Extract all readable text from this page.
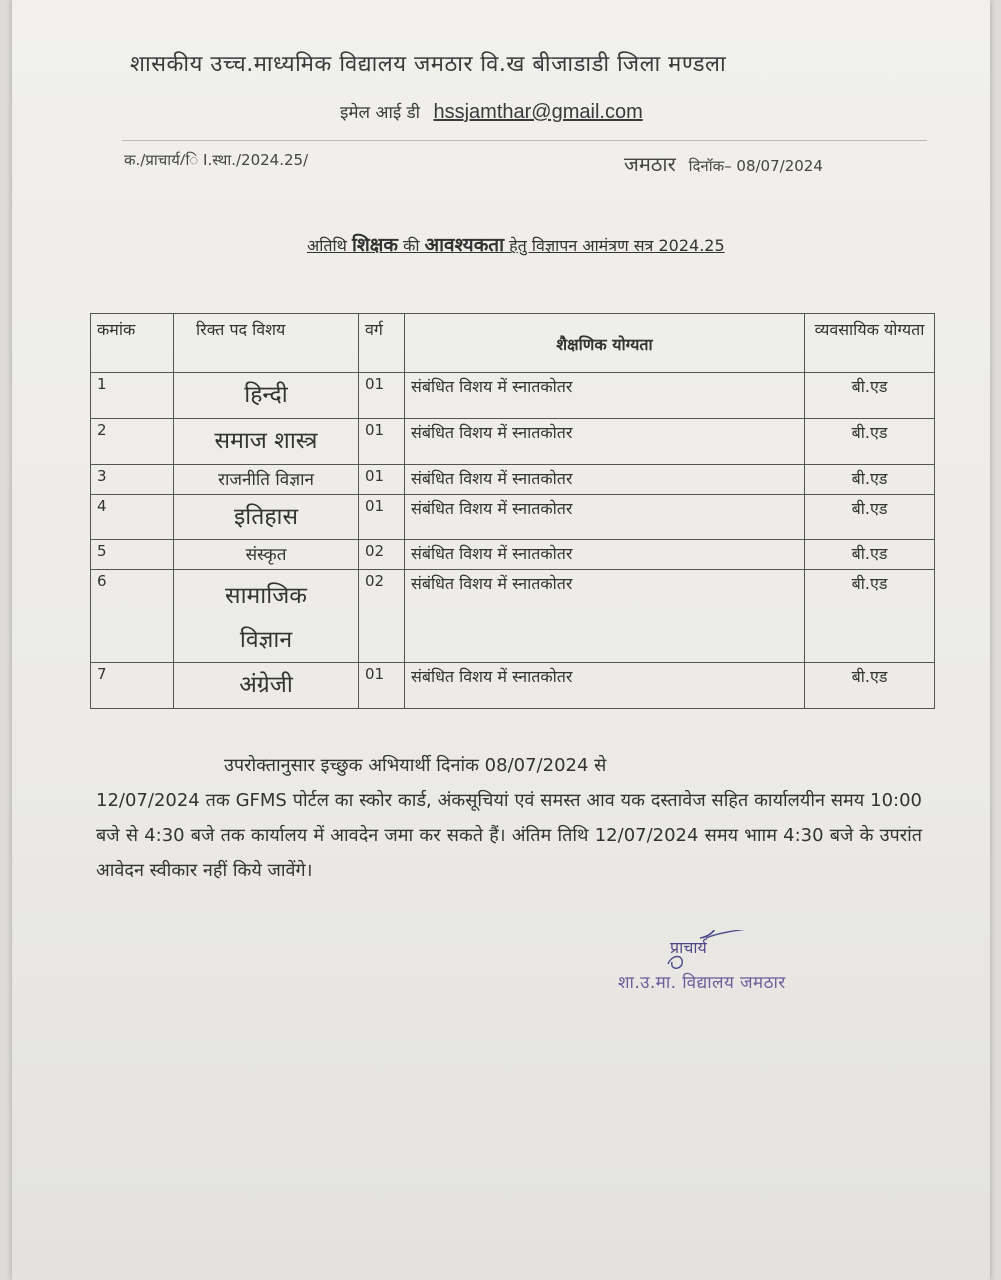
शासकीय उच्च.माध्यमिक विद्यालय जमठार वि.ख बीजाडाडी जिला मण्डला
इमेल आई डी hssjamthar@gmail.com
क./प्राचार्य/ि I.स्था./2024.25/	जमठार दिनॉक– 08/07/2024
अतिथि शिक्षक की आवश्यकता हेतु विज्ञापन आमंत्रण सत्र 2024.25
कमांक	रिक्त पद विशय	वर्ग	शैक्षणिक योग्यता	व्यवसायिक योग्यता
1	हिन्दी	01	संबंधित विशय में स्नातकोतर	बी.एड
2	समाज शास्त्र	01	संबंधित विशय में स्नातकोतर	बी.एड
3	राजनीति विज्ञान	01	संबंधित विशय में स्नातकोतर	बी.एड
4	इतिहास	01	संबंधित विशय में स्नातकोतर	बी.एड
5	संस्कृत	02	संबंधित विशय में स्नातकोतर	बी.एड
6	सामाजिक विज्ञान	02	संबंधित विशय में स्नातकोतर	बी.एड
7	अंग्रेजी	01	संबंधित विशय में स्नातकोतर	बी.एड
उपरोक्तानुसार इच्छुक अभियार्थी दिनांक 08/07/2024 से
12/07/2024 तक GFMS पोर्टल का स्कोर कार्ड, अंकसूचियां एवं समस्त आव यक दस्तावेज सहित कार्यालयीन समय 10:00 बजे से 4:30 बजे तक कार्यालय में आवदेन जमा कर सकते हैं। अंतिम तिथि 12/07/2024 समय भााम 4:30 बजे के उपरांत आवेदन स्वीकार नहीं किये जावेंगे।
प्राचार्य
शा.उ.मा. विद्यालय जमठार
